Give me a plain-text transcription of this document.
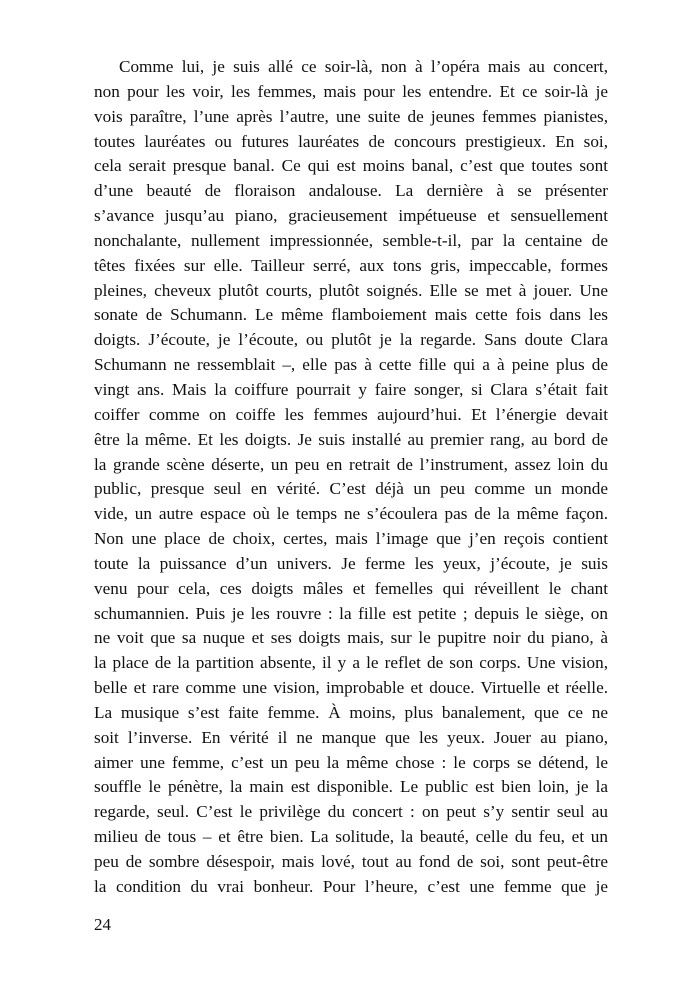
Comme lui, je suis allé ce soir-là, non à l’opéra mais au concert,
non pour les voir, les femmes, mais pour les entendre. Et ce soir-là je
vois paraître, l’une après l’autre, une suite de jeunes femmes pianistes,
toutes lauréates ou futures lauréates de concours prestigieux. En soi,
cela serait presque banal. Ce qui est moins banal, c’est que toutes sont
d’une beauté de floraison andalouse. La dernière à se présenter
s’avance jusqu’au piano, gracieusement impétueuse et sensuellement
nonchalante, nullement impressionnée, semble-t-il, par la centaine de
têtes fixées sur elle. Tailleur serré, aux tons gris, impeccable, formes
pleines, cheveux plutôt courts, plutôt soignés. Elle se met à jouer. Une
sonate de Schumann. Le même flamboiement mais cette fois dans les
doigts. J’écoute, je l’écoute, ou plutôt je la regarde. Sans doute Clara
Schumann ne ressemblait –, elle pas à cette fille qui a à peine plus de
vingt ans. Mais la coiffure pourrait y faire songer, si Clara s’était fait
coiffer comme on coiffe les femmes aujourd’hui. Et l’énergie devait
être la même. Et les doigts. Je suis installé au premier rang, au bord de
la grande scène déserte, un peu en retrait de l’instrument, assez loin du
public, presque seul en vérité. C’est déjà un peu comme un monde
vide, un autre espace où le temps ne s’écoulera pas de la même façon.
Non une place de choix, certes, mais l’image que j’en reçois contient
toute la puissance d’un univers. Je ferme les yeux, j’écoute, je suis
venu pour cela, ces doigts mâles et femelles qui réveillent le chant
schumannien. Puis je les rouvre : la fille est petite ; depuis le siège, on
ne voit que sa nuque et ses doigts mais, sur le pupitre noir du piano, à
la place de la partition absente, il y a le reflet de son corps. Une vision,
belle et rare comme une vision, improbable et douce. Virtuelle et réelle.
La musique s’est faite femme. À moins, plus banalement, que ce ne
soit l’inverse. En vérité il ne manque que les yeux. Jouer au piano,
aimer une femme, c’est un peu la même chose : le corps se détend, le
souffle le pénètre, la main est disponible. Le public est bien loin, je la
regarde, seul. C’est le privilège du concert : on peut s’y sentir seul au
milieu de tous – et être bien. La solitude, la beauté, celle du feu, et un
peu de sombre désespoir, mais lové, tout au fond de soi, sont peut-être
la condition du vrai bonheur. Pour l’heure, c’est une femme que je
24
